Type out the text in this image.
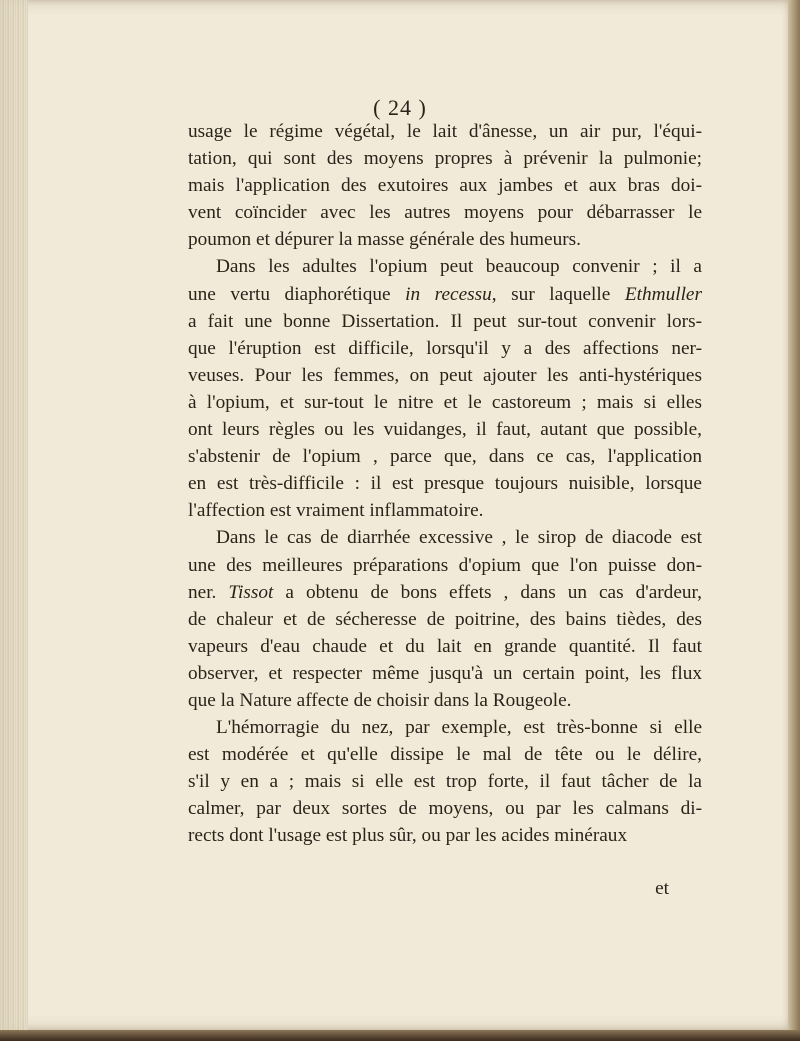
( 24 )
usage le régime végétal, le lait d'ânesse, un air pur, l'équi-
tation, qui sont des moyens propres à prévenir la pulmonie;
mais l'application des exutoires aux jambes et aux bras doi-
vent coïncider avec les autres moyens pour débarrasser le
poumon et dépurer la masse générale des humeurs.
Dans les adultes l'opium peut beaucoup convenir ; il a
une vertu diaphorétique in recessu, sur laquelle Ethmuller
a fait une bonne Dissertation. Il peut sur-tout convenir lors-
que l'éruption est difficile, lorsqu'il y a des affections ner-
veuses. Pour les femmes, on peut ajouter les anti-hystériques
à l'opium, et sur-tout le nitre et le castoreum ; mais si elles
ont leurs règles ou les vuidanges, il faut, autant que possible,
s'abstenir de l'opium , parce que, dans ce cas, l'application
en est très-difficile : il est presque toujours nuisible, lorsque
l'affection est vraiment inflammatoire.
Dans le cas de diarrhée excessive , le sirop de diacode est
une des meilleures préparations d'opium que l'on puisse don-
ner. Tissot a obtenu de bons effets , dans un cas d'ardeur,
de chaleur et de sécheresse de poitrine, des bains tièdes, des
vapeurs d'eau chaude et du lait en grande quantité. Il faut
observer, et respecter même jusqu'à un certain point, les flux
que la Nature affecte de choisir dans la Rougeole.
L'hémorragie du nez, par exemple, est très-bonne si elle
est modérée et qu'elle dissipe le mal de tête ou le délire,
s'il y en a ; mais si elle est trop forte, il faut tâcher de la
calmer, par deux sortes de moyens, ou par les calmans di-
rects dont l'usage est plus sûr, ou par les acides minéraux
et
